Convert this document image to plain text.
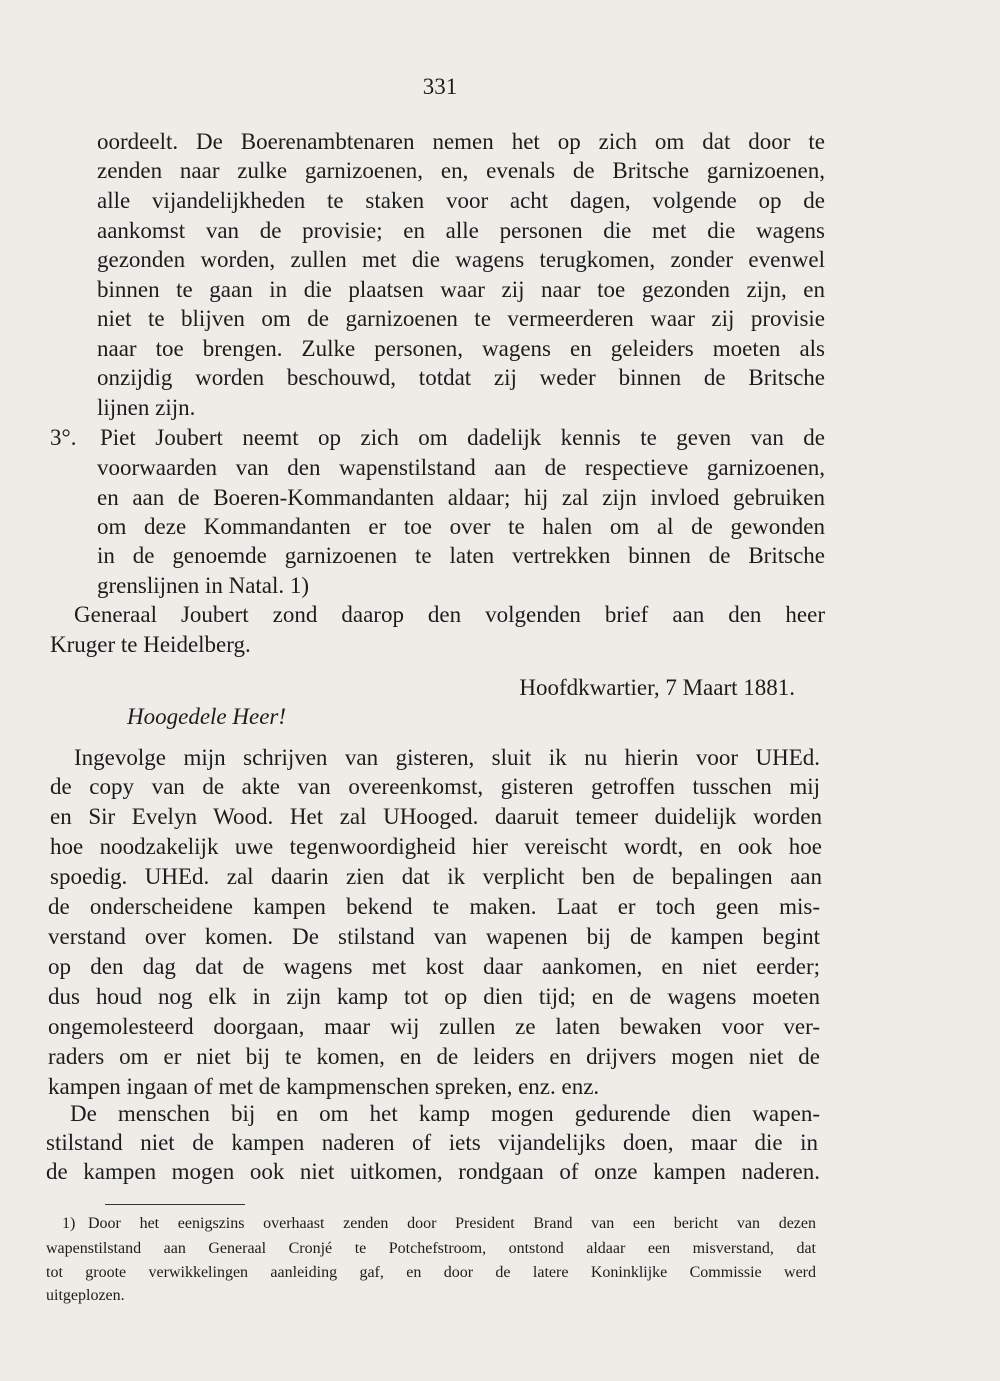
331
oordeelt. De Boerenambtenaren nemen het op zich om dat door te
zenden naar zulke garnizoenen, en, evenals de Britsche garnizoenen,
alle vijandelijkheden te staken voor acht dagen, volgende op de
aankomst van de provisie; en alle personen die met die wagens
gezonden worden, zullen met die wagens terugkomen, zonder evenwel
binnen te gaan in die plaatsen waar zij naar toe gezonden zijn, en
niet te blijven om de garnizoenen te vermeerderen waar zij provisie
naar toe brengen. Zulke personen, wagens en geleiders moeten als
onzijdig worden beschouwd, totdat zij weder binnen de Britsche
lijnen zijn.
3°. Piet Joubert neemt op zich om dadelijk kennis te geven van de
voorwaarden van den wapenstilstand aan de respectieve garnizoenen,
en aan de Boeren-Kommandanten aldaar; hij zal zijn invloed gebruiken
om deze Kommandanten er toe over te halen om al de gewonden
in de genoemde garnizoenen te laten vertrekken binnen de Britsche
grenslijnen in Natal. 1)
Generaal Joubert zond daarop den volgenden brief aan den heer
Kruger te Heidelberg.
Hoofdkwartier, 7 Maart 1881.
Hoogedele Heer!
Ingevolge mijn schrijven van gisteren, sluit ik nu hierin voor UHEd.
de copy van de akte van overeenkomst, gisteren getroffen tusschen mij
en Sir Evelyn Wood. Het zal UHooged. daaruit temeer duidelijk worden
hoe noodzakelijk uwe tegenwoordigheid hier vereischt wordt, en ook hoe
spoedig. UHEd. zal daarin zien dat ik verplicht ben de bepalingen aan
de onderscheidene kampen bekend te maken. Laat er toch geen mis-
verstand over komen. De stilstand van wapenen bij de kampen begint
op den dag dat de wagens met kost daar aankomen, en niet eerder;
dus houd nog elk in zijn kamp tot op dien tijd; en de wagens moeten
ongemolesteerd doorgaan, maar wij zullen ze laten bewaken voor ver-
raders om er niet bij te komen, en de leiders en drijvers mogen niet de
kampen ingaan of met de kampmenschen spreken, enz. enz.
De menschen bij en om het kamp mogen gedurende dien wapen-
stilstand niet de kampen naderen of iets vijandelijks doen, maar die in
de kampen mogen ook niet uitkomen, rondgaan of onze kampen naderen.
1) Door het eenigszins overhaast zenden door President Brand van een bericht van dezen
wapenstilstand aan Generaal Cronjé te Potchefstroom, ontstond aldaar een misverstand, dat
tot groote verwikkelingen aanleiding gaf, en door de latere Koninklijke Commissie werd
uitgeplozen.
